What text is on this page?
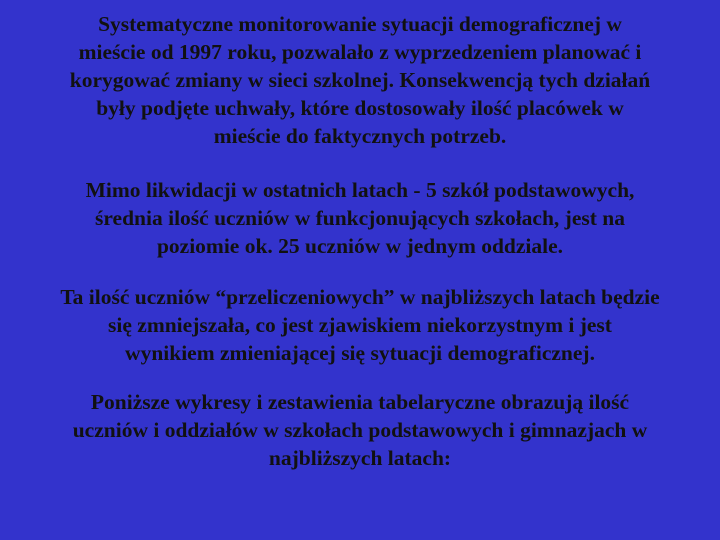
Systematyczne monitorowanie sytuacji demograficznej w
mieście od 1997 roku, pozwalało z wyprzedzeniem planować i
korygować zmiany w sieci szkolnej. Konsekwencją tych działań
były podjęte uchwały, które dostosowały ilość placówek w
mieście do faktycznych potrzeb.

Mimo likwidacji w ostatnich latach - 5 szkół podstawowych,
średnia ilość uczniów w funkcjonujących szkołach, jest na
poziomie ok. 25 uczniów w jednym oddziale.

Ta ilość uczniów “przeliczeniowych” w najbliższych latach będzie
się zmniejszała, co jest zjawiskiem niekorzystnym i jest
wynikiem zmieniającej się sytuacji demograficznej.

Poniższe wykresy i zestawienia tabelaryczne obrazują ilość
uczniów i oddziałów w szkołach podstawowych i gimnazjach w
najbliższych latach:
